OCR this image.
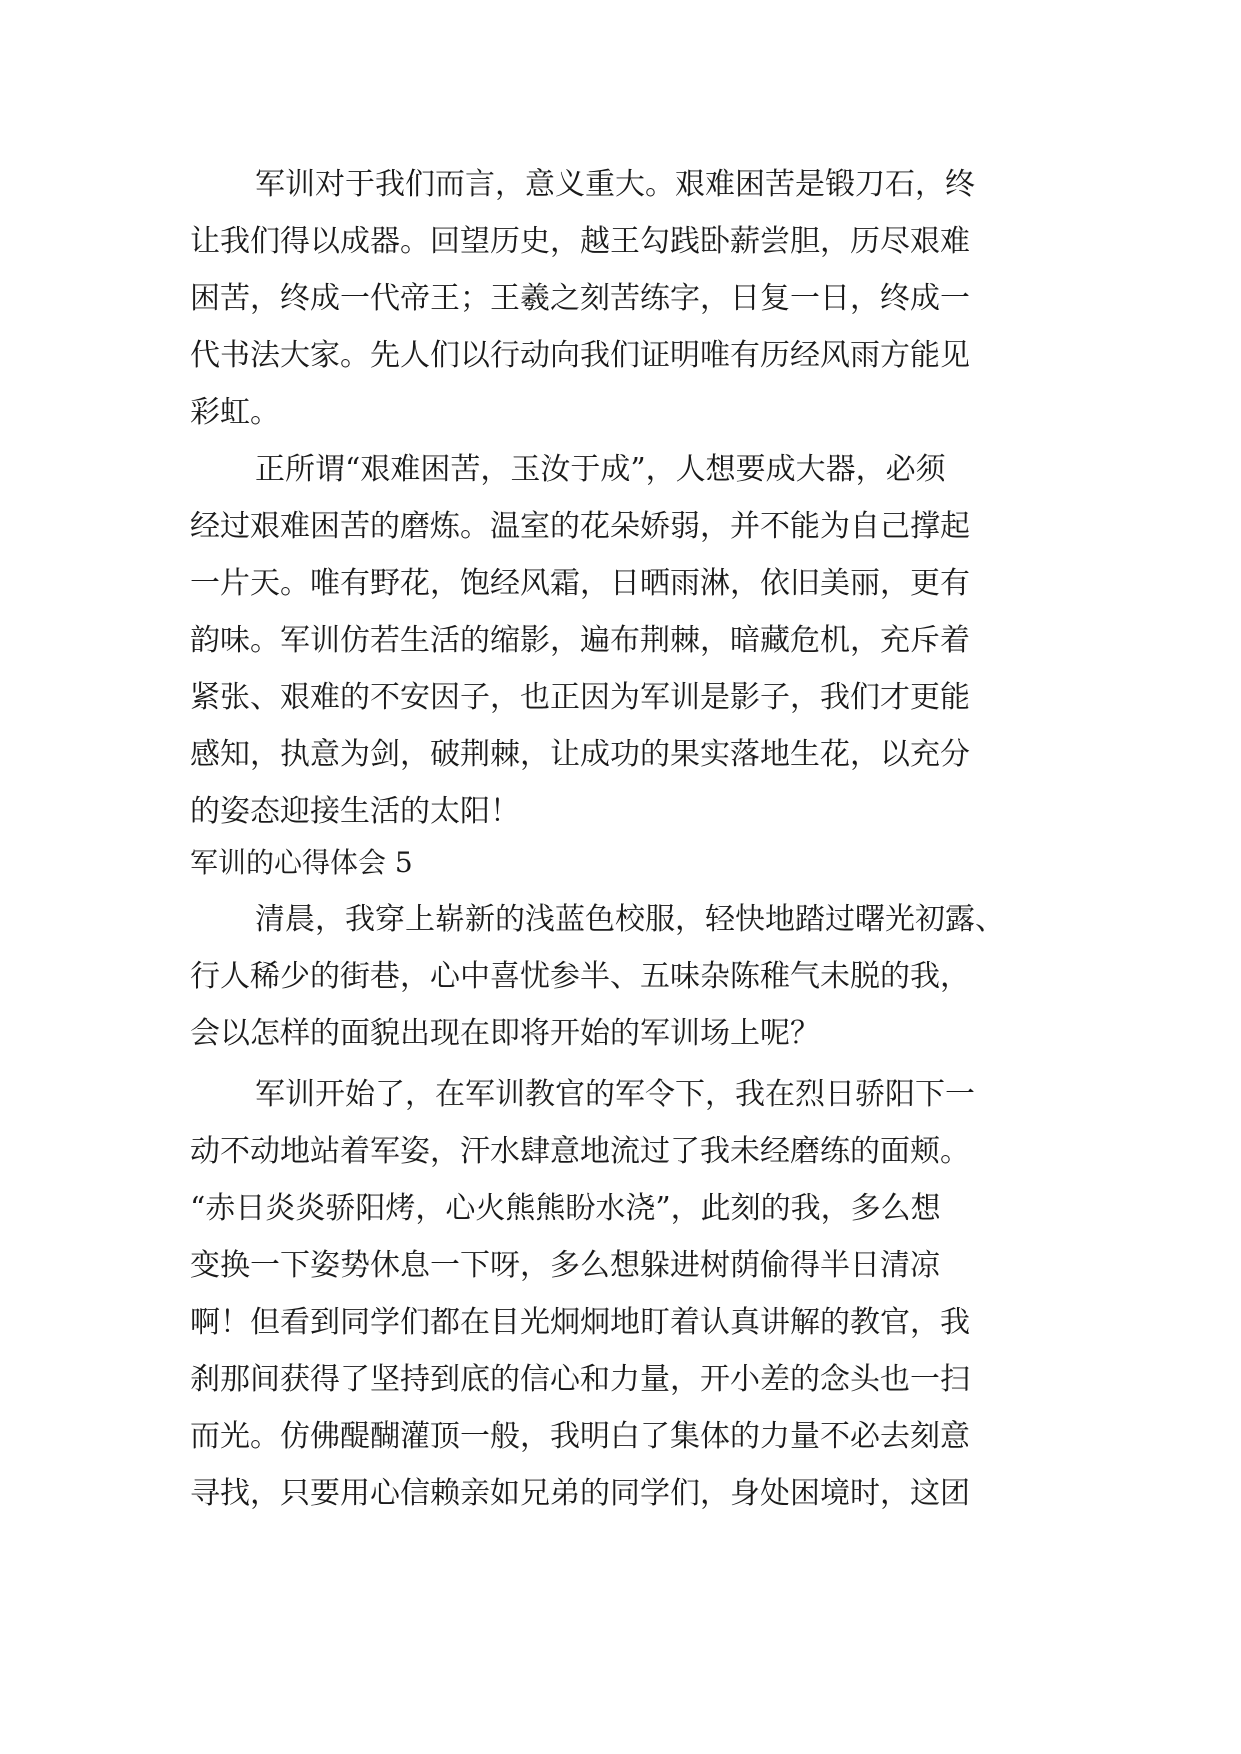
军训对于我们而言，意义重大。艰难困苦是锻刀石，终
让我们得以成器。回望历史，越王勾践卧薪尝胆，历尽艰难
困苦，终成一代帝王；王羲之刻苦练字，日复一日，终成一
代书法大家。先人们以行动向我们证明唯有历经风雨方能见
彩虹。
正所谓“艰难困苦，玉汝于成”，人想要成大器，必须
经过艰难困苦的磨炼。温室的花朵娇弱，并不能为自己撑起
一片天。唯有野花，饱经风霜，日晒雨淋，依旧美丽，更有
韵味。军训仿若生活的缩影，遍布荆棘，暗藏危机，充斥着
紧张、艰难的不安因子，也正因为军训是影子，我们才更能
感知，执意为剑，破荆棘，让成功的果实落地生花，以充分
的姿态迎接生活的太阳！
军训的心得体会 5
清晨，我穿上崭新的浅蓝色校服，轻快地踏过曙光初露、
行人稀少的街巷，心中喜忧参半、五味杂陈稚气未脱的我，
会以怎样的面貌出现在即将开始的军训场上呢？
军训开始了，在军训教官的军令下，我在烈日骄阳下一
动不动地站着军姿，汗水肆意地流过了我未经磨练的面颊。
“赤日炎炎骄阳烤，心火熊熊盼水浇”，此刻的我，多么想
变换一下姿势休息一下呀，多么想躲进树荫偷得半日清凉
啊！但看到同学们都在目光炯炯地盯着认真讲解的教官，我
刹那间获得了坚持到底的信心和力量，开小差的念头也一扫
而光。仿佛醍醐灌顶一般，我明白了集体的力量不必去刻意
寻找，只要用心信赖亲如兄弟的同学们，身处困境时，这团
